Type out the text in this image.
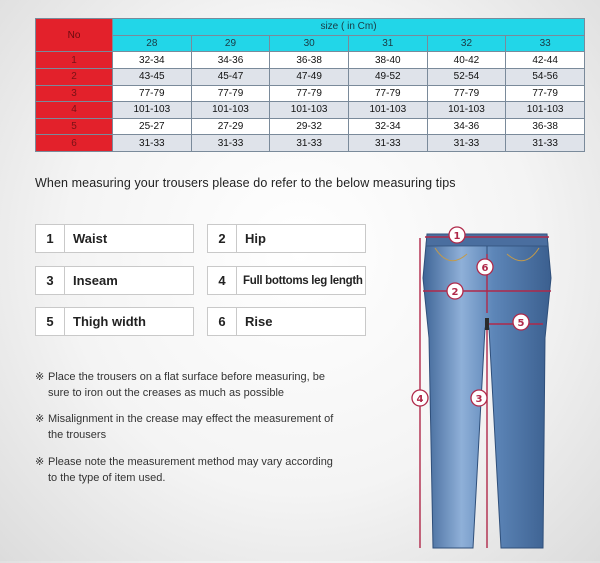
No	size ( in Cm)					
	28	29	30	31	32	33
1	32-34	34-36	36-38	38-40	40-42	42-44
2	43-45	45-47	47-49	49-52	52-54	54-56
3	77-79	77-79	77-79	77-79	77-79	77-79
4	101-103	101-103	101-103	101-103	101-103	101-103
5	25-27	27-29	29-32	32-34	34-36	36-38
6	31-33	31-33	31-33	31-33	31-33	31-33
When measuring your trousers please do refer to the below measuring tips
1	Waist	2	Hip
3	Inseam	4	Full bottoms leg length
5	Thigh width	6	Rise
※ Place the trousers on a flat surface before measuring, be
sure to iron out the creases as much as possible
※ Misalignment in the crease may effect the measurement of
the trousers
※ Please note the measurement method may vary according
to the type of item used.
1
2
3
4
5
6
